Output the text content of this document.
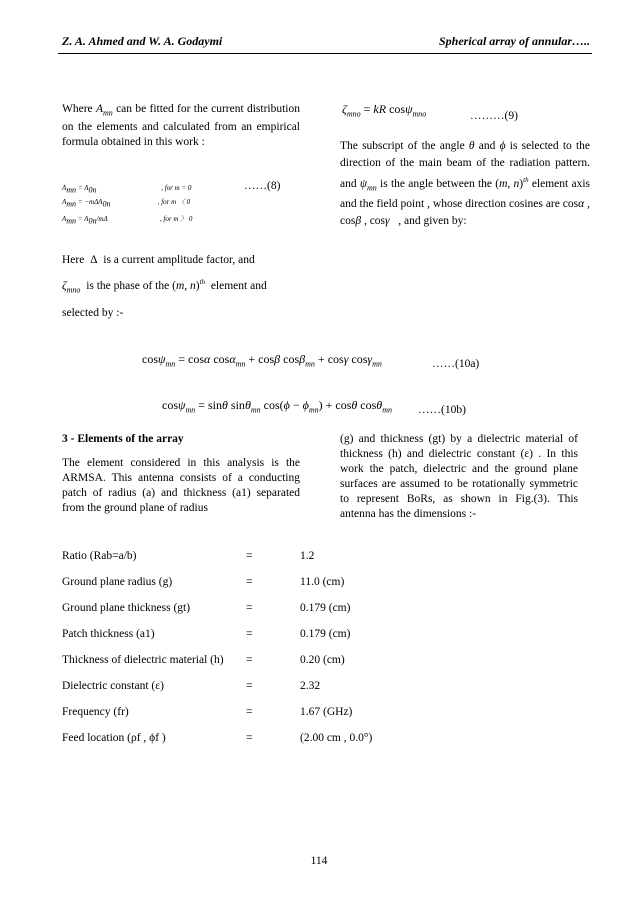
Z. A. Ahmed and W. A. Godaymi	Spherical array of annular…..
Where $A_{mn}$ can be fitted for the current distribution on the elements and calculated from an empirical formula obtained in this work :
$A_{mn} = A_{0n}$                                     , for m = 0
$A_{mn} = -m\Delta A_{0n}$                           , for m 〈 0
$A_{mn} = A_{0n}/m\Delta$                              , for m 〉 0
……(8)
Here  Δ  is a current amplitude factor, and
$\zeta_{mno}$ is the phase of the (m, n)$^{th}$ element and
selected by :-
$\zeta_{mno}$ = kR cosψ$_{mno}$	………(9)
The subscript of the angle θ and ϕ is selected to the direction of the main beam of the radiation pattern. and $\psi_{mn}$ is the angle between the (m, n)$^{th}$ element axis and the field point , whose direction cosines are cosα , cosβ , cosγ , and given by:
cosψ$_{mn}$ = cosα cosα$_{mn}$ + cosβ cosβ$_{mn}$ + cosγ cosγ$_{mn}$	……(10a)
cosψ$_{mn}$ = sinθ sinθ$_{mn}$ $\cos(\phi - \phi_{mn}) + \cos\theta$ cosθ$_{mn}$ ……(10b)
3 - Elements of the array
The element considered in this analysis is the ARMSA. This antenna consists of a conducting patch of radius (a) and thickness (a1) separated from the ground plane of radius
(g) and thickness (gt) by a dielectric material of thickness (h) and dielectric constant (ε) . In this work the patch, dielectric and the ground plane surfaces are assumed to be rotationally symmetric to represent BoRs, as shown in Fig.(3). This antenna has the dimensions :-
Ratio (Rab=a/b)	=	1.2
Ground plane radius (g)	=	11.0 (cm)
Ground plane thickness (gt)	=	0.179 (cm)
Patch thickness (a1)	=	0.179 (cm)
Thickness of dielectric material (h) =	0.20 (cm)
Dielectric constant (ε)	=	2.32
Frequency (fr)	=	1.67 (GHz)
Feed location (ρf , ϕf )	=	(2.00 cm , 0.0°)
114
